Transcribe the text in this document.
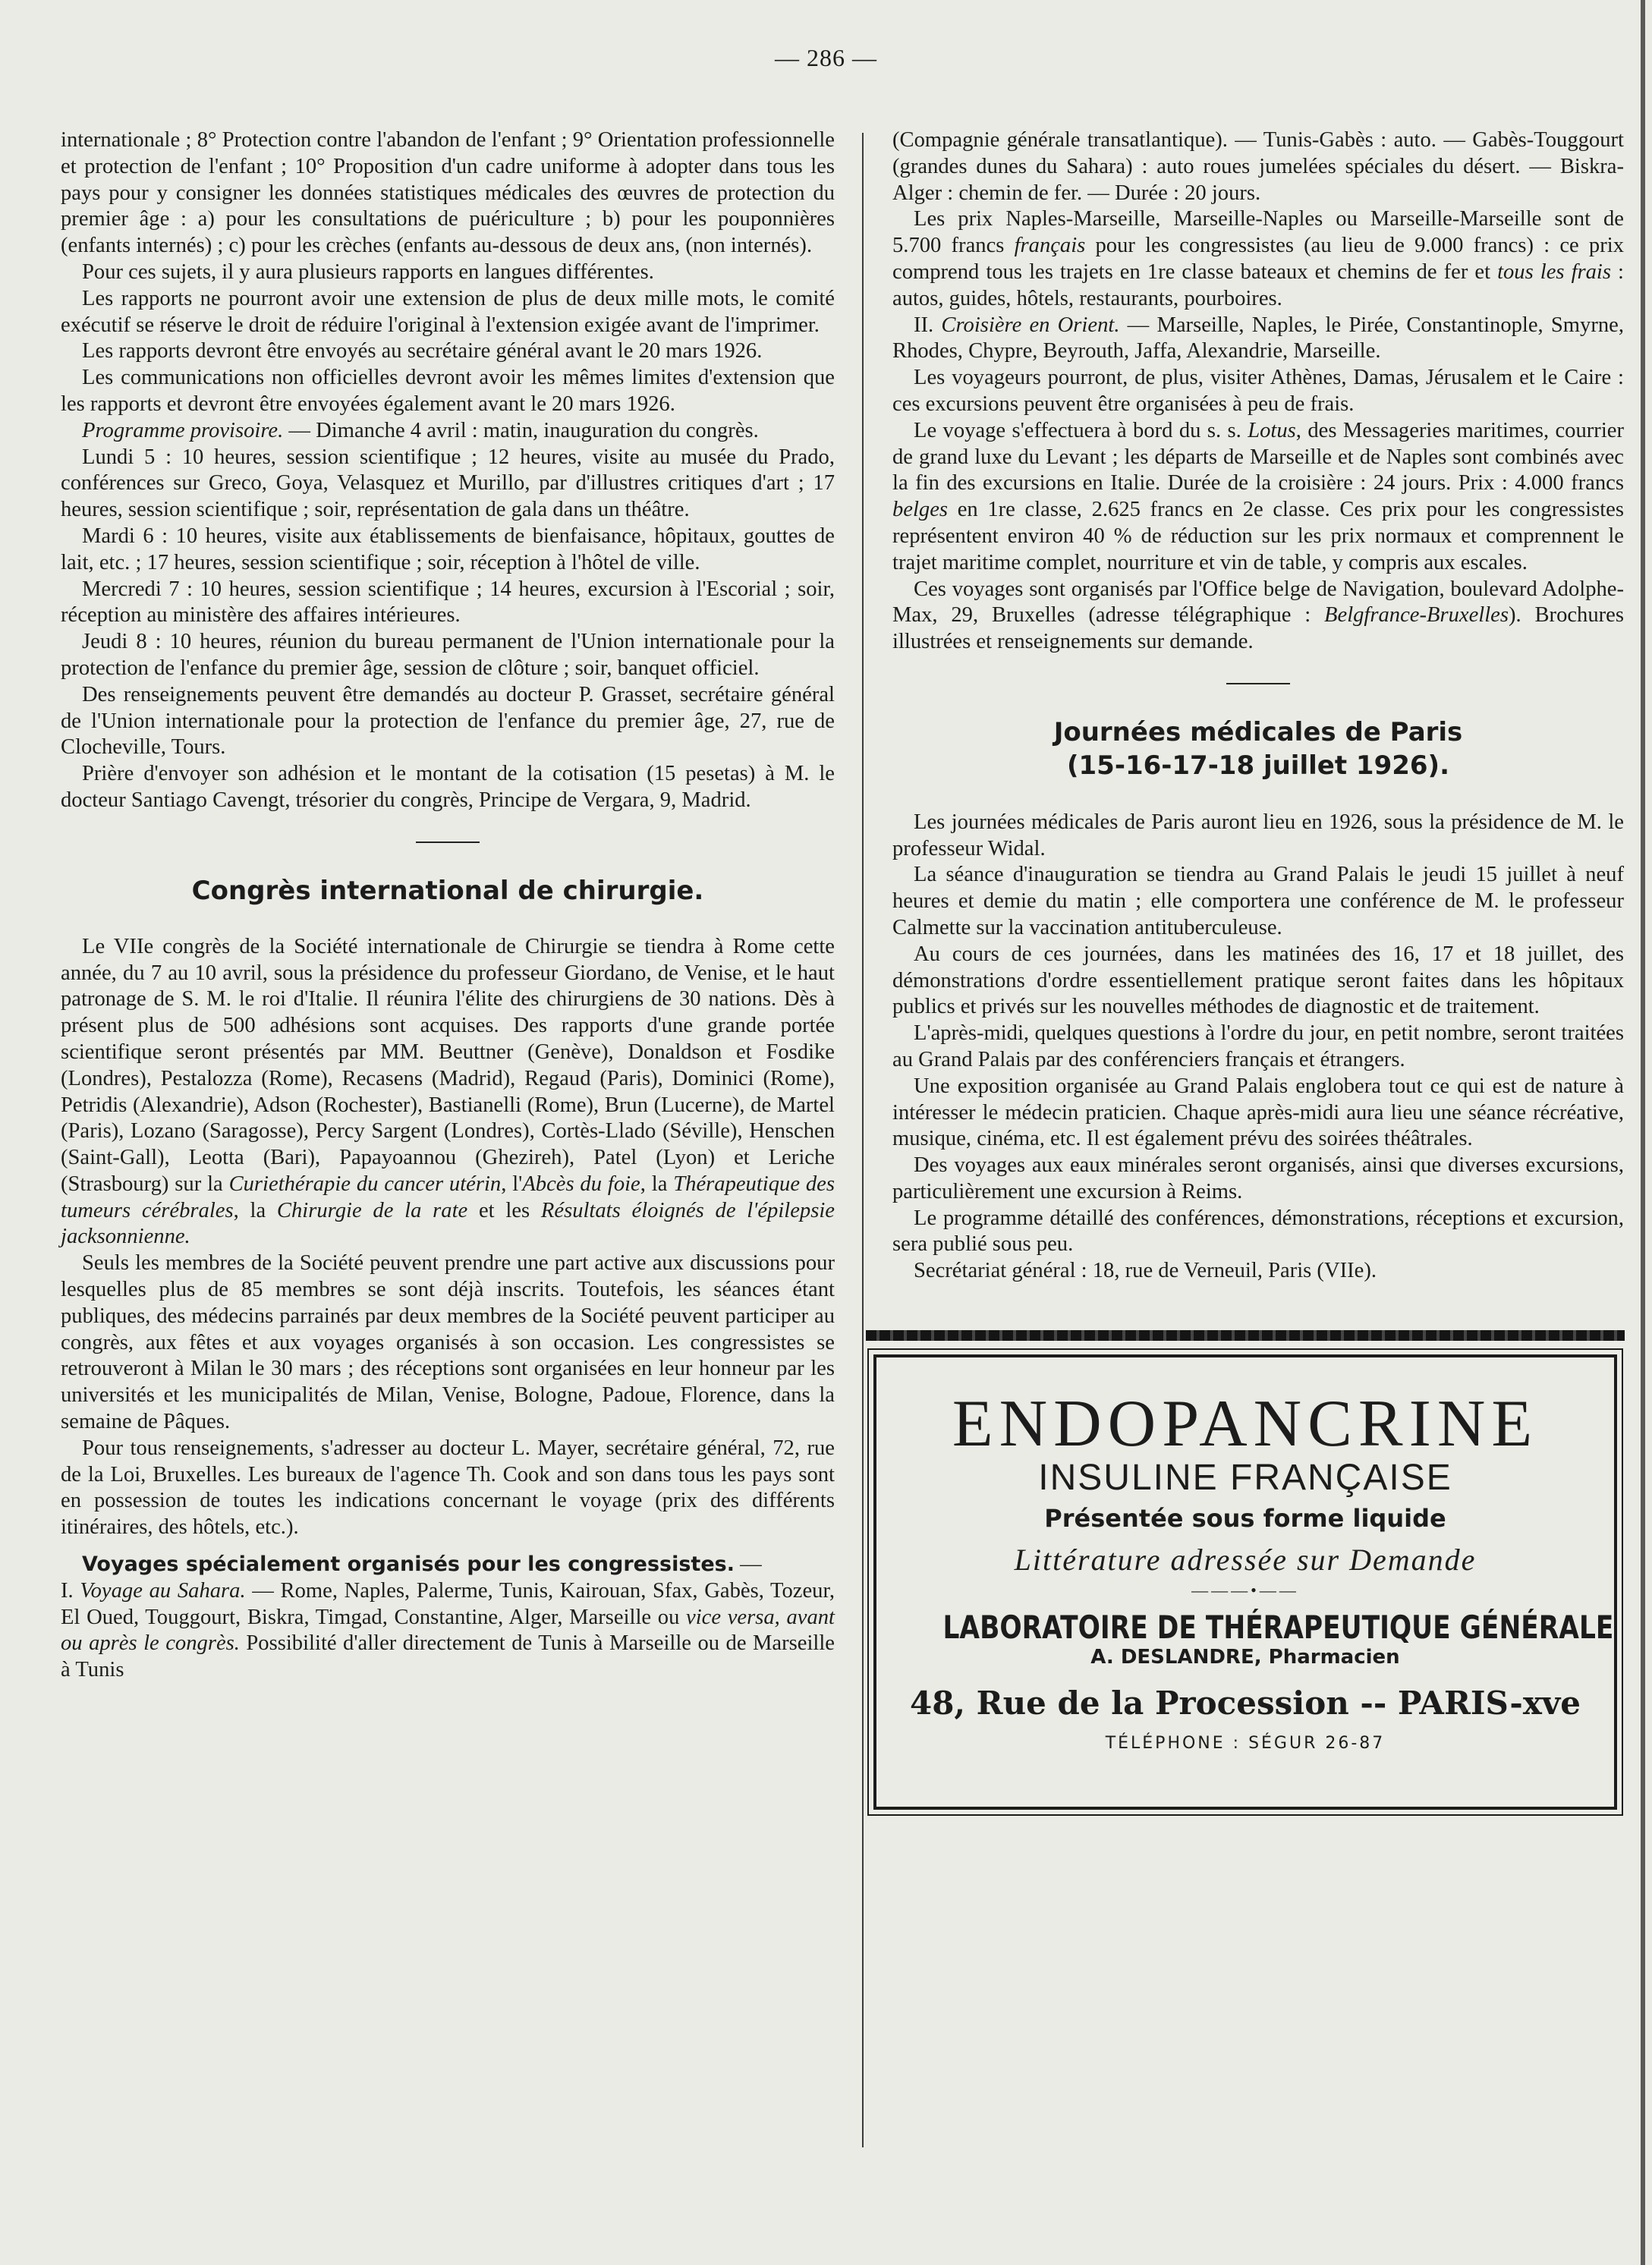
— 286 —

internationale ; 8° Protection contre l'abandon de l'enfant ; 9° Orientation professionnelle et protection de l'enfant ; 10° Proposition d'un cadre uniforme à adopter dans tous les pays pour y consigner les données statistiques médicales des œuvres de protection du premier âge : a) pour les consultations de puériculture ; b) pour les pouponnières (enfants internés) ; c) pour les crèches (enfants au-dessous de deux ans, (non internés).

Pour ces sujets, il y aura plusieurs rapports en langues différentes.

Les rapports ne pourront avoir une extension de plus de deux mille mots, le comité exécutif se réserve le droit de réduire l'original à l'extension exigée avant de l'imprimer.

Les rapports devront être envoyés au secrétaire général avant le 20 mars 1926.

Les communications non officielles devront avoir les mêmes limites d'extension que les rapports et devront être envoyées également avant le 20 mars 1926.

Programme provisoire. — Dimanche 4 avril : matin, inauguration du congrès.

Lundi 5 : 10 heures, session scientifique ; 12 heures, visite au musée du Prado, conférences sur Greco, Goya, Velasquez et Murillo, par d'illustres critiques d'art ; 17 heures, session scientifique ; soir, représentation de gala dans un théâtre.

Mardi 6 : 10 heures, visite aux établissements de bienfaisance, hôpitaux, gouttes de lait, etc. ; 17 heures, session scientifique ; soir, réception à l'hôtel de ville.

Mercredi 7 : 10 heures, session scientifique ; 14 heures, excursion à l'Escorial ; soir, réception au ministère des affaires intérieures.

Jeudi 8 : 10 heures, réunion du bureau permanent de l'Union internationale pour la protection de l'enfance du premier âge, session de clôture ; soir, banquet officiel.

Des renseignements peuvent être demandés au docteur P. Grasset, secrétaire général de l'Union internationale pour la protection de l'enfance du premier âge, 27, rue de Clocheville, Tours.

Prière d'envoyer son adhésion et le montant de la cotisation (15 pesetas) à M. le docteur Santiago Cavengt, trésorier du congrès, Principe de Vergara, 9, Madrid.

Congrès international de chirurgie.

Le VIIe congrès de la Société internationale de Chirurgie se tiendra à Rome cette année, du 7 au 10 avril, sous la présidence du professeur Giordano, de Venise, et le haut patronage de S. M. le roi d'Italie. Il réunira l'élite des chirurgiens de 30 nations. Dès à présent plus de 500 adhésions sont acquises. Des rapports d'une grande portée scientifique seront présentés par MM. Beuttner (Genève), Donaldson et Fosdike (Londres), Pestalozza (Rome), Recasens (Madrid), Regaud (Paris), Dominici (Rome), Petridis (Alexandrie), Adson (Rochester), Bastianelli (Rome), Brun (Lucerne), de Martel (Paris), Lozano (Saragosse), Percy Sargent (Londres), Cortès-Llado (Séville), Henschen (Saint-Gall), Leotta (Bari), Papayoannou (Ghezireh), Patel (Lyon) et Leriche (Strasbourg) sur la Curiethérapie du cancer utérin, l'Abcès du foie, la Thérapeutique des tumeurs cérébrales, la Chirurgie de la rate et les Résultats éloignés de l'épilepsie jacksonnienne.

Seuls les membres de la Société peuvent prendre une part active aux discussions pour lesquelles plus de 85 membres se sont déjà inscrits. Toutefois, les séances étant publiques, des médecins parrainés par deux membres de la Société peuvent participer au congrès, aux fêtes et aux voyages organisés à son occasion. Les congressistes se retrouveront à Milan le 30 mars ; des réceptions sont organisées en leur honneur par les universités et les municipalités de Milan, Venise, Bologne, Padoue, Florence, dans la semaine de Pâques.

Pour tous renseignements, s'adresser au docteur L. Mayer, secrétaire général, 72, rue de la Loi, Bruxelles. Les bureaux de l'agence Th. Cook and son dans tous les pays sont en possession de toutes les indications concernant le voyage (prix des différents itinéraires, des hôtels, etc.).

Voyages spécialement organisés pour les congressistes. —

I. Voyage au Sahara. — Rome, Naples, Palerme, Tunis, Kairouan, Sfax, Gabès, Tozeur, El Oued, Touggourt, Biskra, Timgad, Constantine, Alger, Marseille ou vice versa, avant ou après le congrès. Possibilité d'aller directement de Tunis à Marseille ou de Marseille à Tunis

(Compagnie générale transatlantique). — Tunis-Gabès : auto. — Gabès-Touggourt (grandes dunes du Sahara) : auto roues jumelées spéciales du désert. — Biskra-Alger : chemin de fer. — Durée : 20 jours.

Les prix Naples-Marseille, Marseille-Naples ou Marseille-Marseille sont de 5.700 francs français pour les congressistes (au lieu de 9.000 francs) : ce prix comprend tous les trajets en 1re classe bateaux et chemins de fer et tous les frais : autos, guides, hôtels, restaurants, pourboires.

II. Croisière en Orient. — Marseille, Naples, le Pirée, Constantinople, Smyrne, Rhodes, Chypre, Beyrouth, Jaffa, Alexandrie, Marseille.

Les voyageurs pourront, de plus, visiter Athènes, Damas, Jérusalem et le Caire : ces excursions peuvent être organisées à peu de frais.

Le voyage s'effectuera à bord du s. s. Lotus, des Messageries maritimes, courrier de grand luxe du Levant ; les départs de Marseille et de Naples sont combinés avec la fin des excursions en Italie. Durée de la croisière : 24 jours. Prix : 4.000 francs belges en 1re classe, 2.625 francs en 2e classe. Ces prix pour les congressistes représentent environ 40 % de réduction sur les prix normaux et comprennent le trajet maritime complet, nourriture et vin de table, y compris aux escales.

Ces voyages sont organisés par l'Office belge de Navigation, boulevard Adolphe-Max, 29, Bruxelles (adresse télégraphique : Belgfrance-Bruxelles). Brochures illustrées et renseignements sur demande.

Journées médicales de Paris
(15-16-17-18 juillet 1926).

Les journées médicales de Paris auront lieu en 1926, sous la présidence de M. le professeur Widal.

La séance d'inauguration se tiendra au Grand Palais le jeudi 15 juillet à neuf heures et demie du matin ; elle comportera une conférence de M. le professeur Calmette sur la vaccination antituberculeuse.

Au cours de ces journées, dans les matinées des 16, 17 et 18 juillet, des démonstrations d'ordre essentiellement pratique seront faites dans les hôpitaux publics et privés sur les nouvelles méthodes de diagnostic et de traitement.

L'après-midi, quelques questions à l'ordre du jour, en petit nombre, seront traitées au Grand Palais par des conférenciers français et étrangers.

Une exposition organisée au Grand Palais englobera tout ce qui est de nature à intéresser le médecin praticien. Chaque après-midi aura lieu une séance récréative, musique, cinéma, etc. Il est également prévu des soirées théâtrales.

Des voyages aux eaux minérales seront organisés, ainsi que diverses excursions, particulièrement une excursion à Reims.

Le programme détaillé des conférences, démonstrations, réceptions et excursion, sera publié sous peu.

Secrétariat général : 18, rue de Verneuil, Paris (VIIe).

ENDOPANCRINE
INSULINE FRANÇAISE
Présentée sous forme liquide
Littérature adressée sur Demande
———•——
LABORATOIRE DE THÉRAPEUTIQUE GÉNÉRALE
A. DESLANDRE, Pharmacien
48, Rue de la Procession -- PARIS-xve
TÉLÉPHONE : SÉGUR 26-87
